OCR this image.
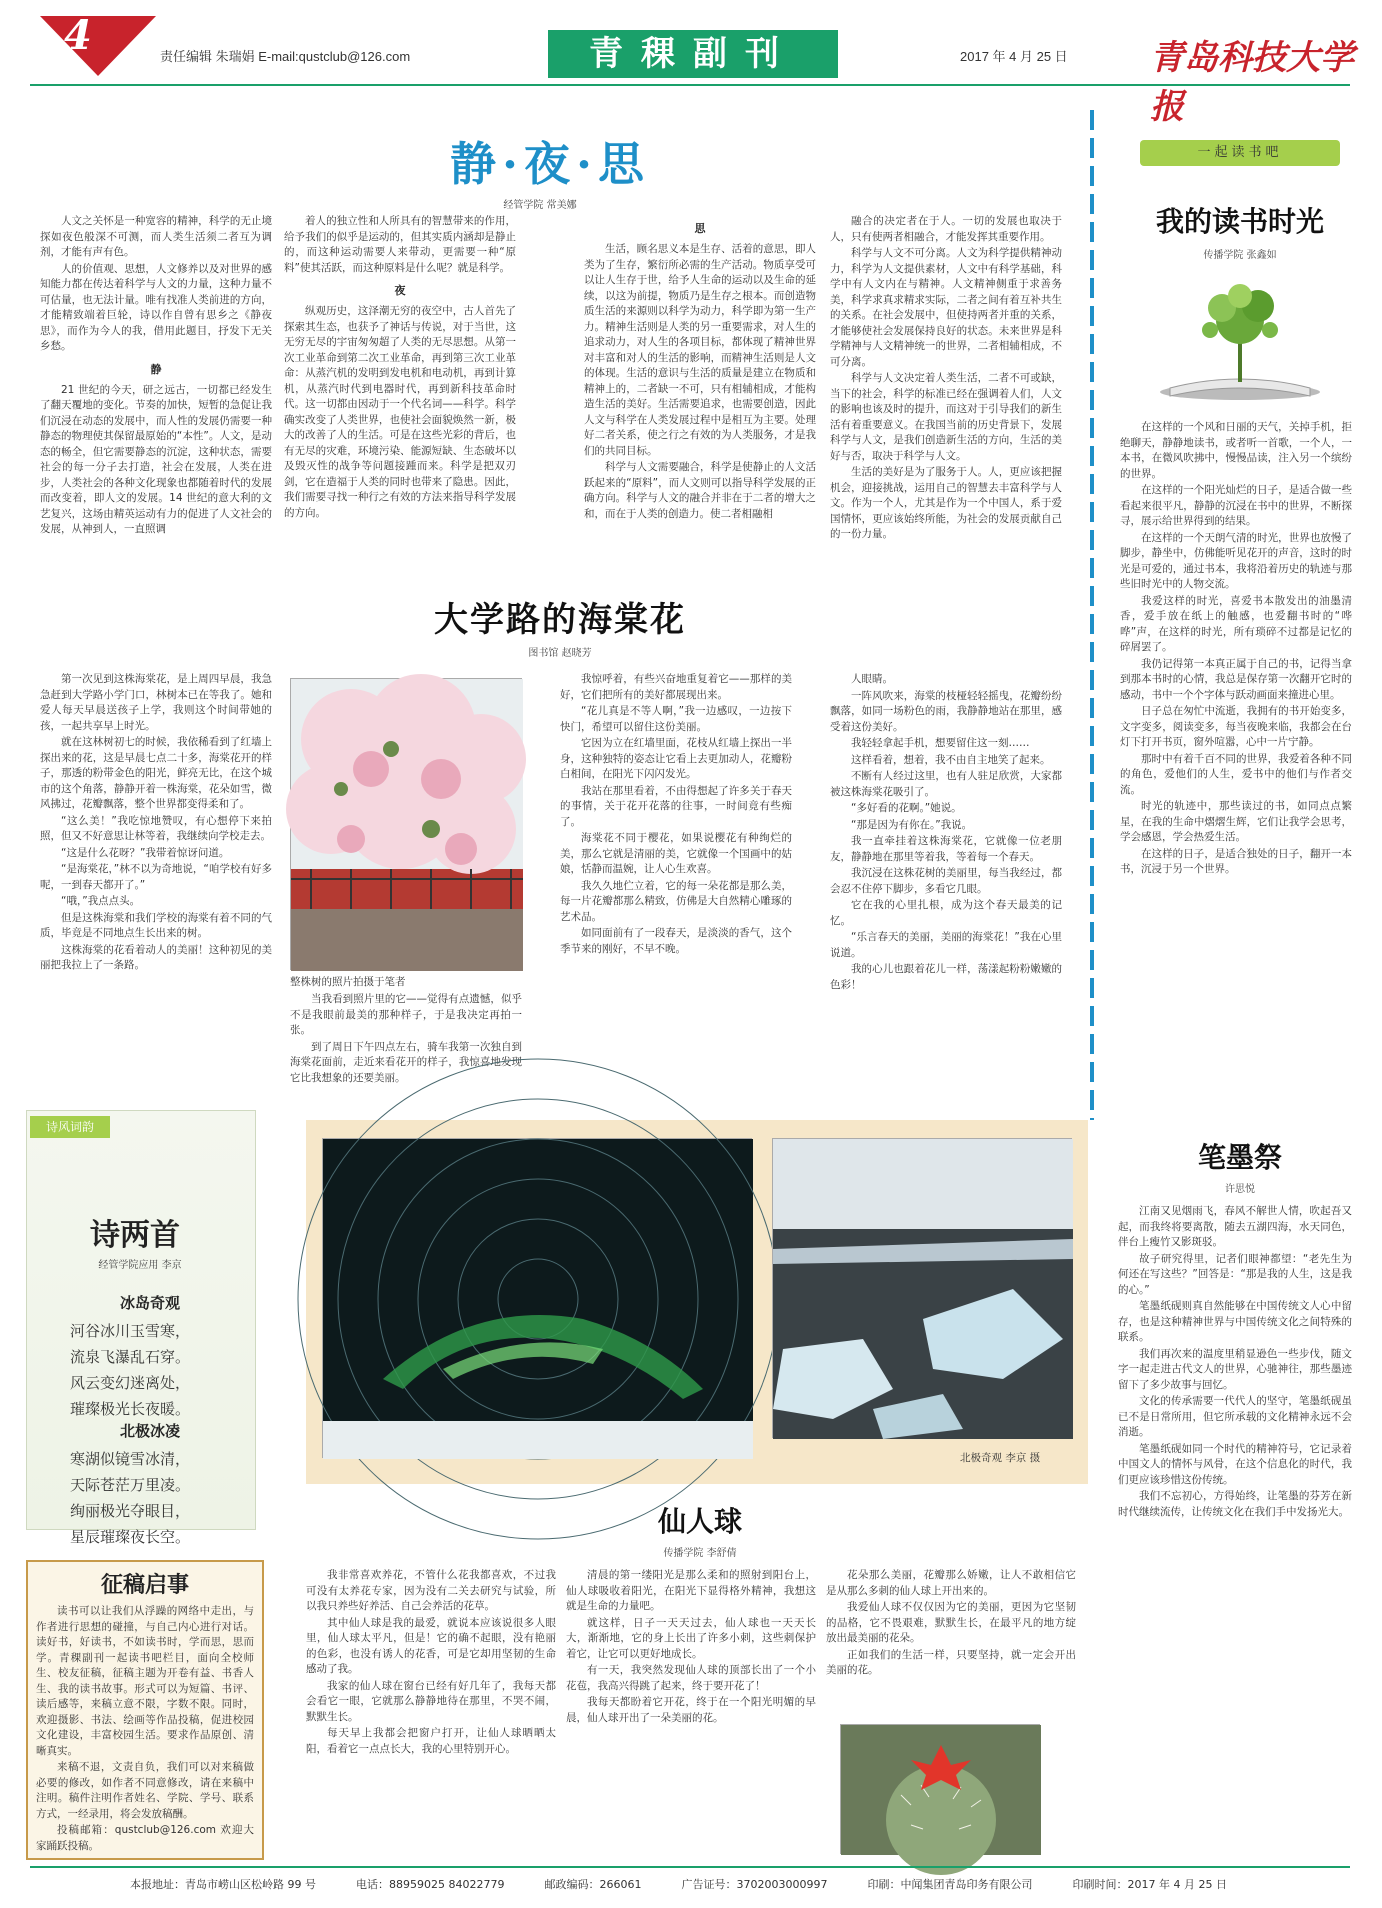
4	责任编辑 朱瑞娟 E-mail:qustclub@126.com	青稞副刊	2017 年 4 月 25 日 青岛科技大学报
静·夜·思
经管学院 常美娜

人文之关怀是一种宽容的精神，科学的无止境探如夜色般深不可测，而人类生活须二者互为调剂，才能有声有色。

人的价值观、思想，人文修养以及对世界的感知能力都在传达着科学与人文的力量，这种力量不可估量，也无法计量。唯有找准人类前进的方向，才能精致端着巨轮，诗以作自曾有思乡之《静夜思》，而作为今人的我，借用此题目，抒发下无关乡愁。

静

21 世纪的今天，研之远古，一切都已经发生了翻天覆地的变化。节奏的加快，短暂的急促让我们沉浸在动态的发展中，而人性的发展仍需要一种静态的物理使其保留最原始的“本性”。人文，是动态的畅全，但它需要静态的沉淀，这种状态，需要社会的每一分子去打造，社会在发展，人类在进步，人类社会的各种文化现象也都随着时代的发展而改变着，即人文的发展。14 世纪的意大利的文艺复兴，这场由精英运动有力的促进了人文社会的发展，从神到人，一直照调

着人的独立性和人所具有的智慧带来的作用，给予我们的似乎是运动的，但其实质内涵却是静止的，而这种运动需要人来带动，更需要一种“原料”使其活跃，而这种原料是什么呢？就是科学。

夜

纵观历史，这泽潮无穷的夜空中，古人首先了探索其生态，也获予了神话与传说，对于当世，这无穷无尽的宇宙匆匆超了人类的无尽思想。从第一次工业革命到第二次工业革命，再到第三次工业革命：从蒸汽机的发明到发电机和电动机，再到计算机，从蒸汽时代到电器时代，再到新科技革命时代。这一切都由因动于一个代名词——科学。科学确实改变了人类世界，也使社会面貌焕然一新，极大的改善了人的生活。可是在这些光彩的背后，也有无尽的灾难，环境污染、能源短缺、生态破坏以及毁灭性的战争等问题接踵而来。科学是把双刃剑，它在造福于人类的同时也带来了隐患。因此，我们需要寻找一种行之有效的方法来指导科学发展的方向。

思

生活，顾名思义本是生存、活着的意思，即人类为了生存，繁衍所必需的生产活动。物质享受可以让人生存于世，给予人生命的运动以及生命的延续，以这为前提，物质乃是生存之根本。而创造物质生活的来源则以科学为动力，科学即为第一生产力。精神生活则是人类的另一重要需求，对人生的追求动力，对人生的各项目标，都体现了精神世界对丰富和对人的生活的影响，而精神生活则是人文的体现。生活的意识与生活的质量是建立在物质和精神上的，二者缺一不可，只有相辅相成，才能构造生活的美好。生活需要追求，也需要创造，因此人文与科学在人类发展过程中是相互为主要。处理好二者关系，使之行之有效的为人类服务，才是我们的共同目标。

科学与人文需要融合，科学是使静止的人文活跃起来的“原料”，而人文则可以指导科学发展的正确方向。科学与人文的融合并非在于二者的增大之和，而在于人类的创造力。使二者相融相

融合的决定者在于人。一切的发展也取决于人，只有使两者相融合，才能发挥其重要作用。

科学与人文不可分离。人文为科学提供精神动力，科学为人文提供素材，人文中有科学基础，科学中有人文内在与精神。人文精神侧重于求善务美，科学求真求精求实际，二者之间有着互补共生的关系。在社会发展中，但使持两者并重的关系，才能够使社会发展保持良好的状态。未来世界是科学精神与人文精神统一的世界，二者相辅相成，不可分离。

科学与人文决定着人类生活，二者不可或缺，当下的社会，科学的标准已经在强调着人们，人文的影响也该及时的提升，而这对于引导我们的新生活有着重要意义。在我国当前的历史背景下，发展科学与人文，是我们创造新生活的方向，生活的美好与否，取决于科学与人文。

生活的美好是为了服务于人。人，更应该把握机会，迎接挑战，运用自己的智慧去丰富科学与人文。作为一个人，尤其是作为一个中国人，系于爱国情怀，更应该始终所能，为社会的发展贡献自己的一份力量。

一起读书吧
我的读书时光
传播学院 张鑫如

在这样的一个风和日丽的天气，关掉手机，拒绝聊天，静静地读书，或者听一首歌，一个人，一本书，在微风吹拂中，慢慢品读，注入另一个缤纷的世界。

在这样的一个阳光灿烂的日子，是适合做一些看起来很平凡，静静的沉浸在书中的世界，不断探寻，展示给世界得到的结果。

在这样的一个天朗气清的时光，世界也放慢了脚步，静坐中，仿佛能听见花开的声音，这时的时光是可爱的，通过书本，我将沿着历史的轨迹与那些旧时光中的人物交流。

我爱这样的时光，喜爱书本散发出的油墨清香，爱手放在纸上的触感，也爱翻书时的“哗哗”声，在这样的时光，所有琐碎不过都是记忆的碎屑罢了。

我仍记得第一本真正属于自己的书，记得当拿到那本书时的心情，我总是保存第一次翻开它时的感动，书中一个个字体与跃动画面来撞进心里。

日子总在匆忙中流逝，我拥有的书开始变多，文字变多，阅读变多，每当夜晚来临，我都会在台灯下打开书页，窗外喧嚣，心中一片宁静。

那时中有着千百不同的世界，我爱着各种不同的角色，爱他们的人生，爱书中的他们与作者交流。

时光的轨迹中，那些读过的书，如同点点繁星，在我的生命中熠熠生辉，它们让我学会思考，学会感恩，学会热爱生活。

在这样的日子，是适合独处的日子，翻开一本书，沉浸于另一个世界。

大学路的海棠花
图书馆 赵晓芳

第一次见到这株海棠花，是上周四早晨，我急急赶到大学路小学门口，林树本已在等我了。她和爱人每天早晨送孩子上学，我则这个时间带她的孩，一起共享早上时光。

就在这林树初七的时候，我依稀看到了红墙上探出来的花，这是早晨七点二十多，海棠花开的样子，那透的粉带金色的阳光，鲜亮无比，在这个城市的这个角落，静静开着一株海棠，花朵如雪，微风拂过，花瓣飘落，整个世界都变得柔和了。

“这么美！”我吃惊地赞叹，有心想停下来拍照，但又不好意思让林等着，我继续向学校走去。

“这是什么花呀？”我带着惊讶问道。

“是海棠花，”林不以为奇地说，“咱学校有好多呢，一到春天都开了。”

“哦，”我点点头。

但是这株海棠和我们学校的海棠有着不同的气质，毕竟是不同地点生长出来的树。

这株海棠的花看着动人的美丽！这种初见的美丽把我拉上了一条路。

整株树的照片拍摄于笔者

当我看到照片里的它——觉得有点遗憾，似乎不是我眼前最美的那种样子，于是我决定再拍一张。

到了周日下午四点左右，骑车我第一次独自到海棠花面前，走近来看花开的样子，我惊喜地发现它比我想象的还要美丽。

我惊呼着，有些兴奋地重复着它——那样的美好，它们把所有的美好都展现出来。

“花儿真是不等人啊，”我一边感叹，一边按下快门，希望可以留住这份美丽。

它因为立在红墙里面，花枝从红墙上探出一半身，这种独特的姿态让它看上去更加动人，花瓣粉白相间，在阳光下闪闪发光。

我站在那里看着，不由得想起了许多关于春天的事情，关于花开花落的往事，一时间竟有些痴了。

海棠花不同于樱花，如果说樱花有种绚烂的美，那么它就是清丽的美，它就像一个国画中的姑娘，恬静而温婉，让人心生欢喜。

我久久地伫立着，它的每一朵花都是那么美，每一片花瓣都那么精致，仿佛是大自然精心雕琢的艺术品。

如同面前有了一段春天，是淡淡的香气，这个季节来的刚好，不早不晚。

人眼睛。

一阵风吹来，海棠的枝桠轻轻摇曳，花瓣纷纷飘落，如同一场粉色的雨，我静静地站在那里，感受着这份美好。

我轻轻拿起手机，想要留住这一刻……

这样看着，想着，我不由自主地笑了起来。

不断有人经过这里，也有人驻足欣赏，大家都被这株海棠花吸引了。

“多好看的花啊。”她说。

“那是因为有你在。”我说。

我一直牵挂着这株海棠花，它就像一位老朋友，静静地在那里等着我，等着每一个春天。

我沉浸在这株花树的美丽里，每当我经过，都会忍不住停下脚步，多看它几眼。

它在我的心里扎根，成为这个春天最美的记忆。

“乐言春天的美丽，美丽的海棠花！”我在心里说道。

我的心儿也跟着花儿一样，荡漾起粉粉嫩嫩的色彩！

诗风词韵
诗两首
经管学院应用 李京
冰岛奇观
河谷冰川玉雪寒，
流泉飞瀑乱石穿。
风云变幻迷离处，
璀璨极光长夜暖。
北极冰凌
寒湖似镜雪冰清，
天际苍茫万里凌。
绚丽极光夺眼目，
星辰璀璨夜长空。
北极奇观 李京 摄
笔墨祭
许思悦

江南又见烟雨飞，春风不解世人情，吹起吾又起，而我终将要离散，随去五湖四海，水天同色，伴台上瘦竹又影斑驳。

故子研究得里，记者们眼神都望：“老先生为何还在写这些？”回答是：“那是我的人生，这是我的心。”

笔墨纸砚则真自然能够在中国传统文人心中留存，也是这种精神世界与中国传统文化之间特殊的联系。

我们再次来的温度里稍显逊色一些步伐，随文字一起走进古代文人的世界，心驰神往，那些墨迹留下了多少故事与回忆。

文化的传承需要一代代人的坚守，笔墨纸砚虽已不是日常所用，但它所承载的文化精神永远不会消逝。

笔墨纸砚如同一个时代的精神符号，它记录着中国文人的情怀与风骨，在这个信息化的时代，我们更应该珍惜这份传统。

我们不忘初心，方得始终，让笔墨的芬芳在新时代继续流传，让传统文化在我们手中发扬光大。

仙人球
传播学院 李舒倩

我非常喜欢养花，不管什么花我都喜欢，不过我可没有太养花专家，因为没有二关去研究与试验，所以我只养些好养活、自己会养活的花草。

其中仙人球是我的最爱，就说本应该说很多人眼里，仙人球太平凡，但是！它的确不起眼，没有艳丽的色彩，也没有诱人的花香，可是它却用坚韧的生命感动了我。

我家的仙人球在窗台已经有好几年了，我每天都会看它一眼，它就那么静静地待在那里，不哭不闹，默默生长。

每天早上我都会把窗户打开，让仙人球晒晒太阳，看着它一点点长大，我的心里特别开心。

清晨的第一缕阳光是那么柔和的照射到阳台上，仙人球吸收着阳光，在阳光下显得格外精神，我想这就是生命的力量吧。

就这样，日子一天天过去，仙人球也一天天长大，渐渐地，它的身上长出了许多小刺，这些刺保护着它，让它可以更好地成长。

有一天，我突然发现仙人球的顶部长出了一个小花苞，我高兴得跳了起来，终于要开花了！

我每天都盼着它开花，终于在一个阳光明媚的早晨，仙人球开出了一朵美丽的花。

花朵那么美丽，花瓣那么娇嫩，让人不敢相信它是从那么多刺的仙人球上开出来的。

我爱仙人球不仅仅因为它的美丽，更因为它坚韧的品格，它不畏艰难，默默生长，在最平凡的地方绽放出最美丽的花朵。

正如我们的生活一样，只要坚持，就一定会开出美丽的花。

征稿启事

读书可以让我们从浮躁的网络中走出，与作者进行思想的碰撞，与自己内心进行对话。读好书，好读书，不如读书时，学而思，思而学。青稞副刊一起读书吧栏目，面向全校师生、校友征稿，征稿主题为开卷有益、书香人生、我的读书故事。形式可以为短篇、书评、读后感等，来稿立意不限，字数不限。同时，欢迎摄影、书法、绘画等作品投稿，促进校园文化建设，丰富校园生活。要求作品原创、清晰真实。

来稿不退，文责自负，我们可以对来稿做必要的修改，如作者不同意修改，请在来稿中注明。稿件注明作者姓名、学院、学号、联系方式，一经录用，将会发放稿酬。

投稿邮箱：qustclub@126.com 欢迎大家踊跃投稿。

本报地址：青岛市崂山区松岭路 99 号	电话：88959025 84022779	邮政编码：266061	广告证号：3702003000997	印刷：中闻集团青岛印务有限公司	印刷时间：2017 年 4 月 25 日
